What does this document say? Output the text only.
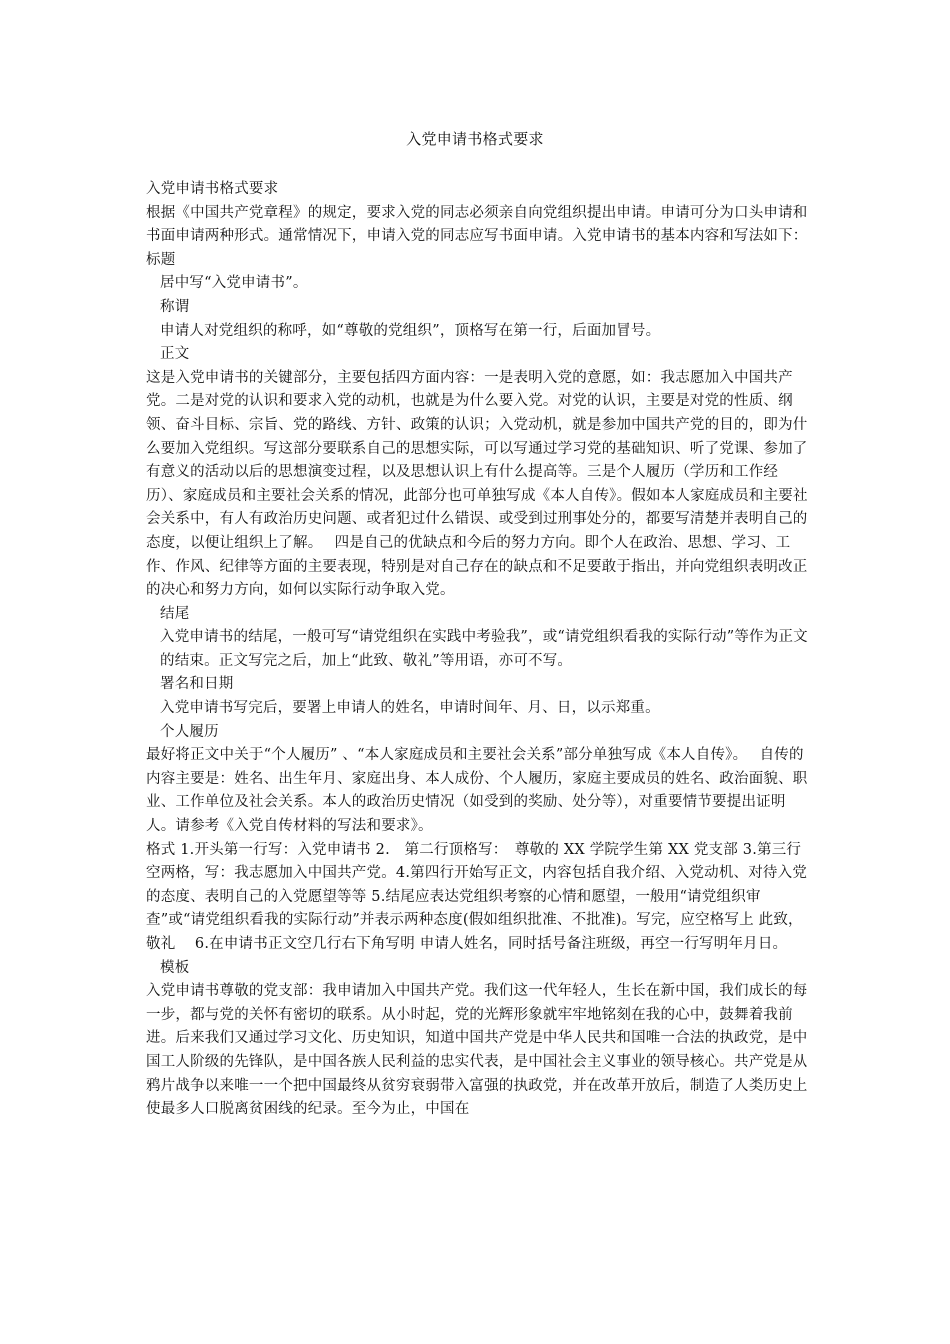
入党申请书格式要求

入党申请书格式要求

根据《中国共产党章程》的规定，要求入党的同志必须亲自向党组织提出申请。申请可分为口头申请和书面申请两种形式。通常情况下，申请入党的同志应写书面申请。入党申请书的基本内容和写法如下：　 标题

居中写“入党申请书”。

称谓

申请人对党组织的称呼，如“尊敬的党组织”，顶格写在第一行，后面加冒号。

正文

这是入党申请书的关键部分，主要包括四方面内容：一是表明入党的意愿，如：我志愿加入中国共产党。二是对党的认识和要求入党的动机，也就是为什么要入党。对党的认识，主要是对党的性质、纲领、奋斗目标、宗旨、党的路线、方针、政策的认识；入党动机，就是参加中国共产党的目的，即为什么要加入党组织。写这部分要联系自己的思想实际，可以写通过学习党的基础知识、听了党课、参加了有意义的活动以后的思想演变过程，以及思想认识上有什么提高等。三是个人履历（学历和工作经历）、家庭成员和主要社会关系的情况，此部分也可单独写成《本人自传》。假如本人家庭成员和主要社会关系中，有人有政治历史问题、或者犯过什么错误、或受到过刑事处分的，都要写清楚并表明自己的态度，以便让组织上了解。　 四是自己的优缺点和今后的努力方向。即个人在政治、思想、学习、工作、作风、纪律等方面的主要表现，特别是对自己存在的缺点和不足要敢于指出，并向党组织表明改正的决心和努力方向，如何以实际行动争取入党。

结尾

入党申请书的结尾，一般可写“请党组织在实践中考验我”，或“请党组织看我的实际行动”等作为正文的结束。正文写完之后，加上“此致、敬礼”等用语，亦可不写。

署名和日期

入党申请书写完后，要署上申请人的姓名，申请时间年、月、日，以示郑重。

个人履历

最好将正文中关于“个人履历” 、“本人家庭成员和主要社会关系”部分单独写成《本人自传》。　 自传的内容主要是：姓名、出生年月、家庭出身、本人成份、个人履历，家庭主要成员的姓名、政治面貌、职业、工作单位及社会关系。本人的政治历史情况（如受到的奖励、处分等），对重要情节要提出证明人。请参考《入党自传材料的写法和要求》。

格式 1.开头第一行写：入党申请书 2.　第二行顶格写：　尊敬的 XX 学院学生第 XX 党支部 3.第三行空两格，写：我志愿加入中国共产党。4.第四行开始写正文，内容包括自我介绍、入党动机、对待入党的态度、表明自己的入党愿望等等 5.结尾应表达党组织考察的心情和愿望，一般用“请党组织审查”或“请党组织看我的实际行动”并表示两种态度(假如组织批准、不批准)。写完，应空格写上 此致，敬礼　 6.在申请书正文空几行右下角写明 申请人姓名，同时括号备注班级，再空一行写明年月日。

模板

入党申请书尊敬的党支部：我申请加入中国共产党。我们这一代年轻人，生长在新中国，我们成长的每一步，都与党的关怀有密切的联系。从小时起，党的光辉形象就牢牢地铭刻在我的心中，鼓舞着我前进。后来我们又通过学习文化、历史知识，知道中国共产党是中华人民共和国唯一合法的执政党，是中国工人阶级的先锋队，是中国各族人民利益的忠实代表，是中国社会主义事业的领导核心。共产党是从鸦片战争以来唯一一个把中国最终从贫穷衰弱带入富强的执政党，并在改革开放后，制造了人类历史上使最多人口脱离贫困线的纪录。至今为止，中国在
